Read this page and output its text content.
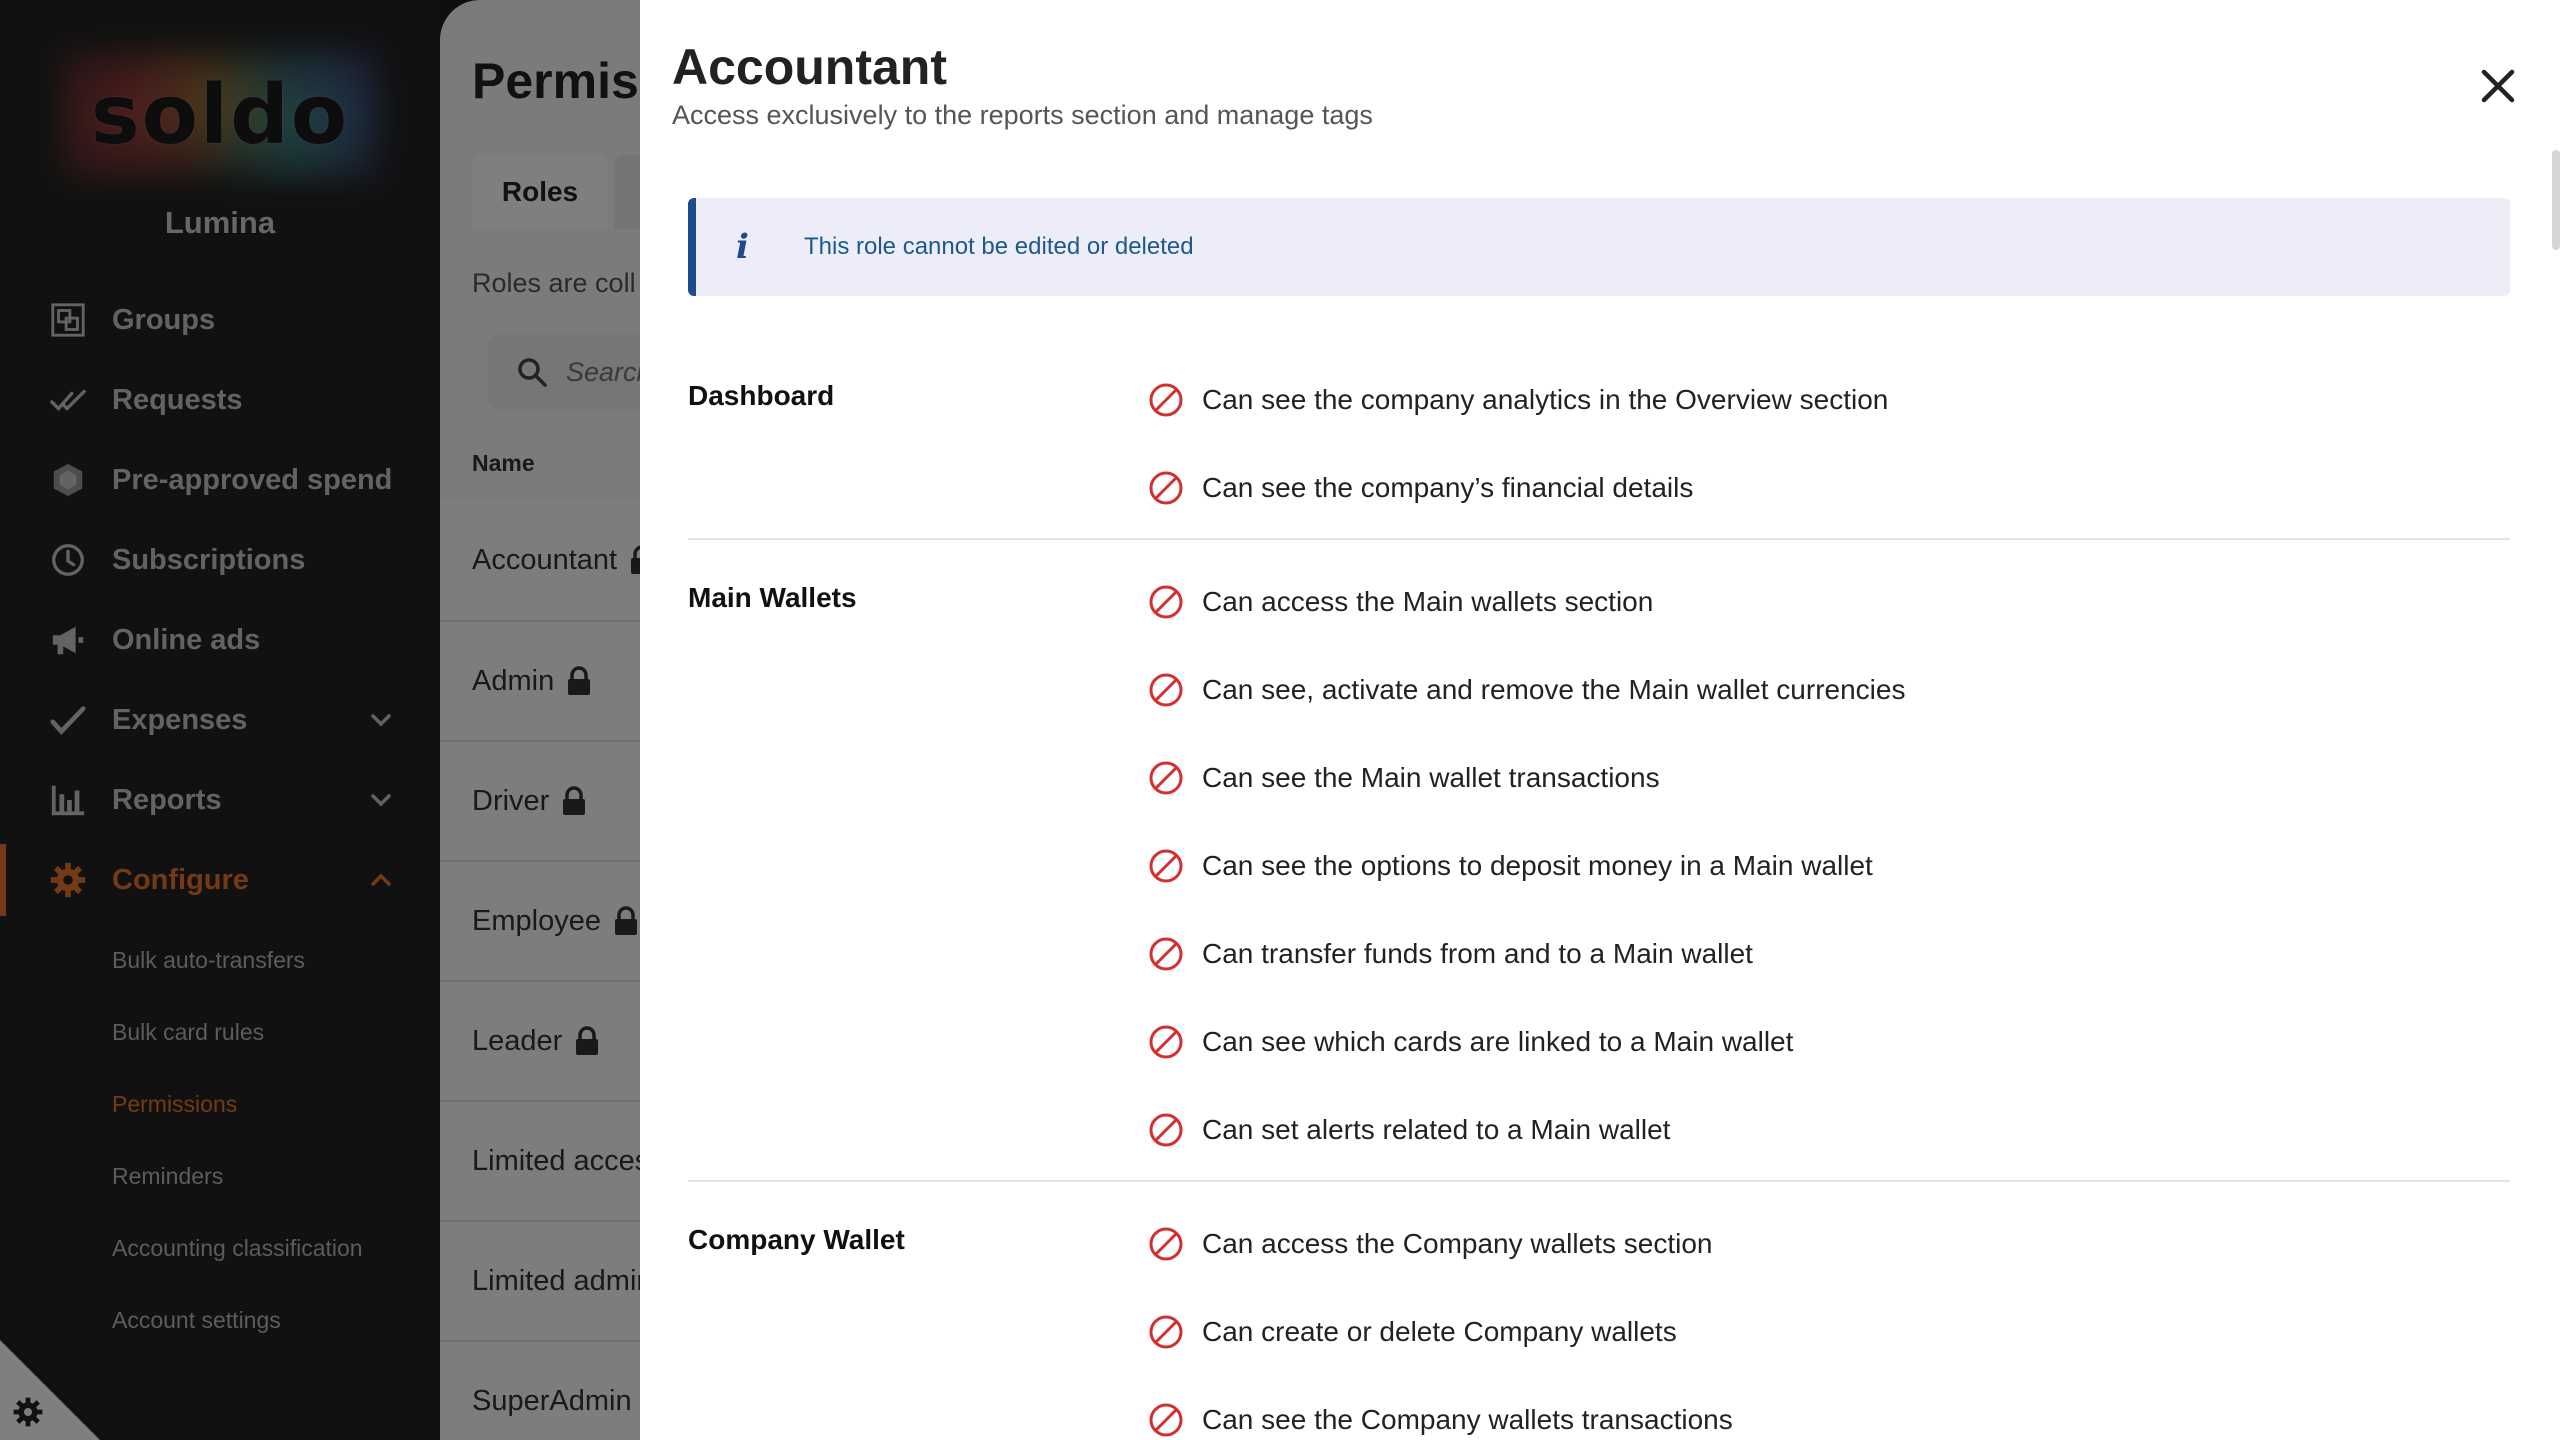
Search
Accountant
Access exclusively to the reports section and manage tags
i	This role cannot be edited or deleted
Dashboard	Can see the company analytics in the Overview section
Can see the company’s financial details
Main Wallets	Can access the Main wallets section
Can see, activate and remove the Main wallet currencies
Can see the Main wallet transactions
Can see the options to deposit money in a Main wallet
Can transfer funds from and to a Main wallet
Can see which cards are linked to a Main wallet
Can set alerts related to a Main wallet
Company Wallet	Can access the Company wallets section
Can create or delete Company wallets
Can see the Company wallets transactions
